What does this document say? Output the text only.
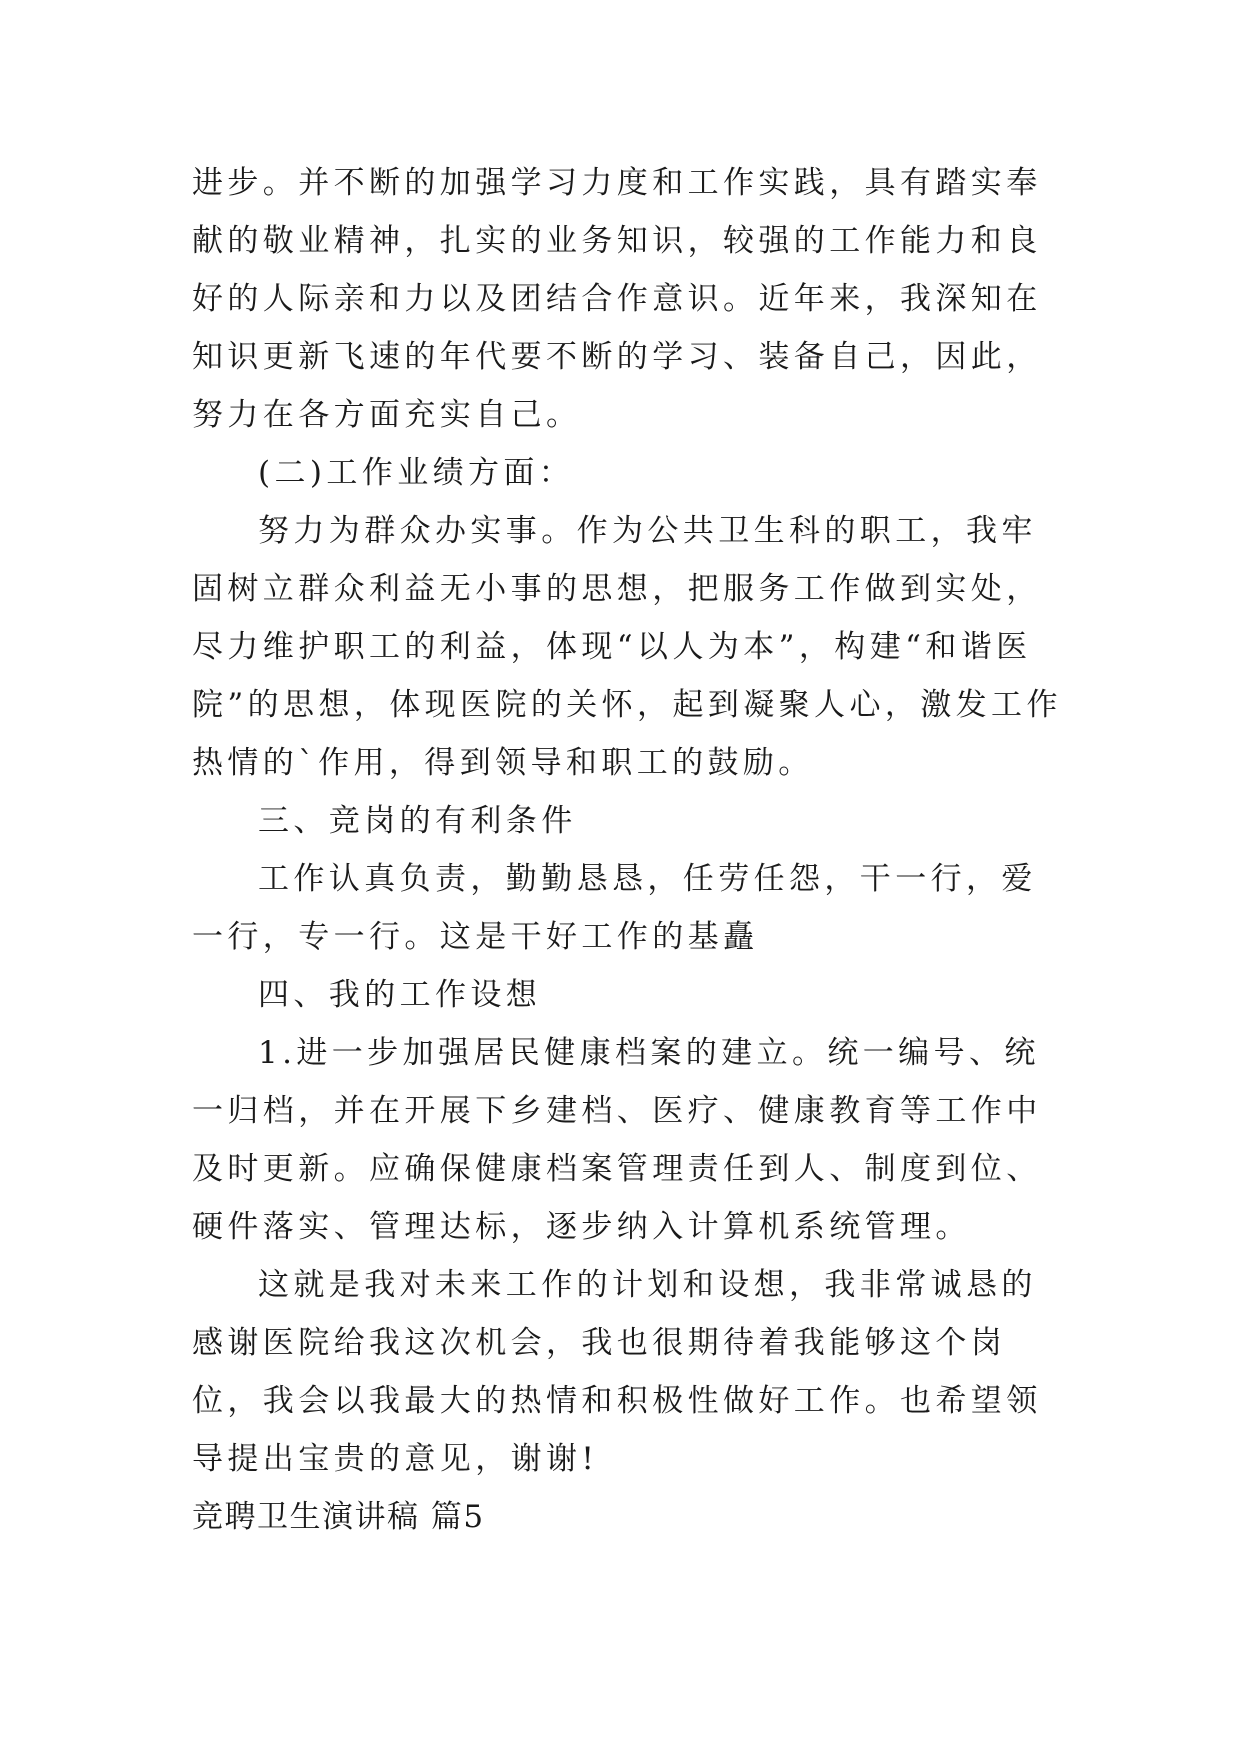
进步。并不断的加强学习力度和工作实践，具有踏实奉献的敬业精神，扎实的业务知识，较强的工作能力和良好的人际亲和力以及团结合作意识。近年来，我深知在知识更新飞速的年代要不断的学习、装备自己，因此，努力在各方面充实自己。

(二)工作业绩方面：

努力为群众办实事。作为公共卫生科的职工，我牢固树立群众利益无小事的思想，把服务工作做到实处，尽力维护职工的利益，体现“以人为本”，构建“和谐医院”的思想，体现医院的关怀，起到凝聚人心，激发工作热情的`作用，得到领导和职工的鼓励。

三、竞岗的有利条件

工作认真负责，勤勤恳恳，任劳任怨，干一行，爱一行，专一行。这是干好工作的基矗

四、我的工作设想

1.进一步加强居民健康档案的建立。统一编号、统一归档，并在开展下乡建档、医疗、健康教育等工作中及时更新。应确保健康档案管理责任到人、制度到位、硬件落实、管理达标，逐步纳入计算机系统管理。

这就是我对未来工作的计划和设想，我非常诚恳的感谢医院给我这次机会，我也很期待着我能够这个岗位，我会以我最大的热情和积极性做好工作。也希望领导提出宝贵的意见，谢谢!

竞聘卫生演讲稿 篇5
